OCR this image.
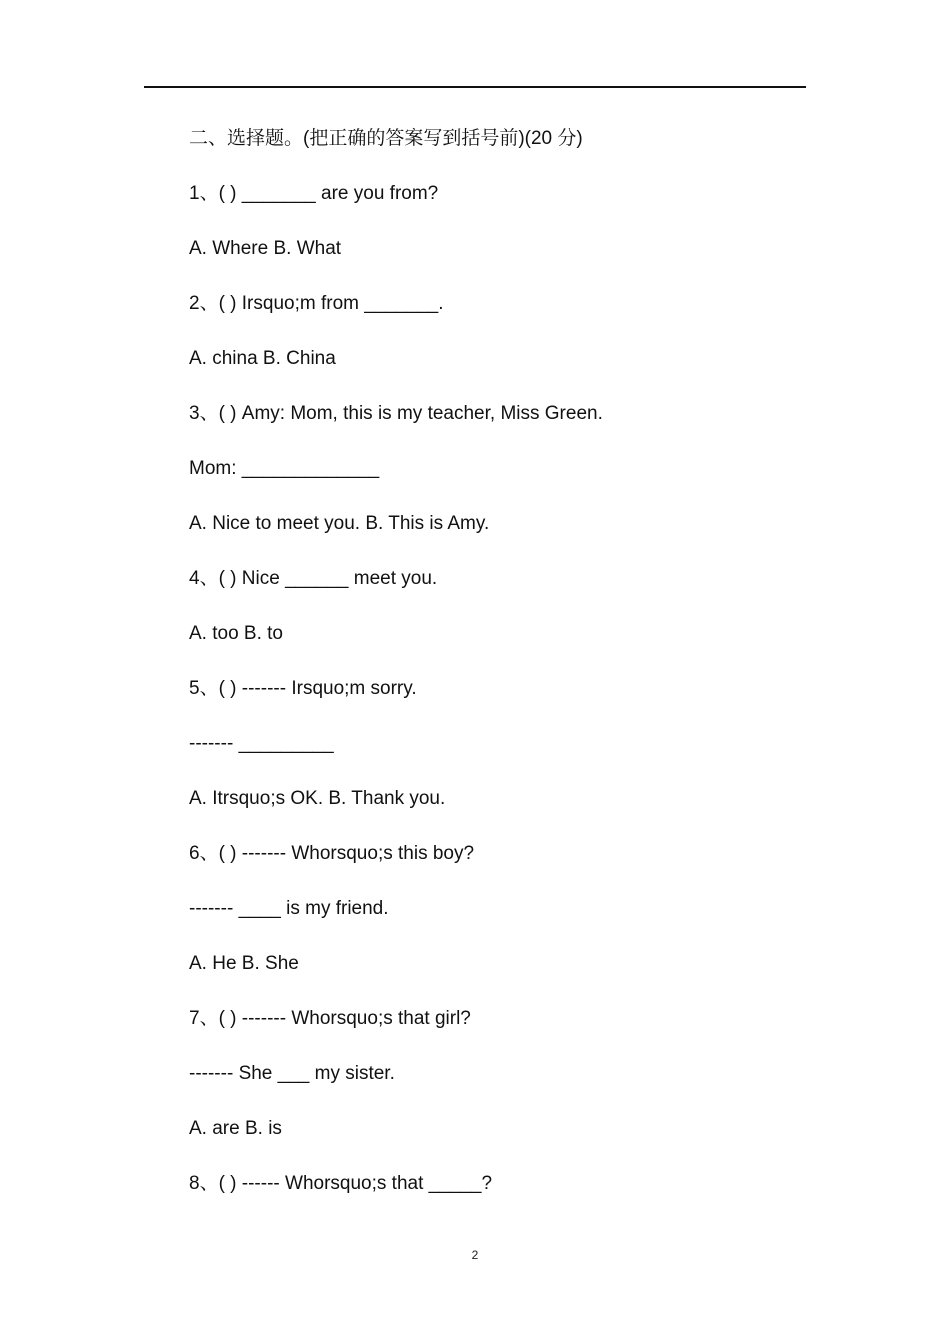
二、选择题。(把正确的答案写到括号前)(20 分)
1、( ) _______ are you from?
A. Where B. What
2、( ) Irsquo;m from _______.
A. china B. China
3、( ) Amy: Mom, this is my teacher, Miss Green.
Mom: _____________
A. Nice to meet you. B. This is Amy.
4、( ) Nice ______ meet you.
A. too B. to
5、( ) ------- Irsquo;m sorry.
------- _________
A. Itrsquo;s OK. B. Thank you.
6、( ) ------- Whorsquo;s this boy?
------- ____ is my friend.
A. He B. She
7、( ) ------- Whorsquo;s that girl?
------- She ___ my sister.
A. are B. is
8、( ) ------ Whorsquo;s that _____?
2
